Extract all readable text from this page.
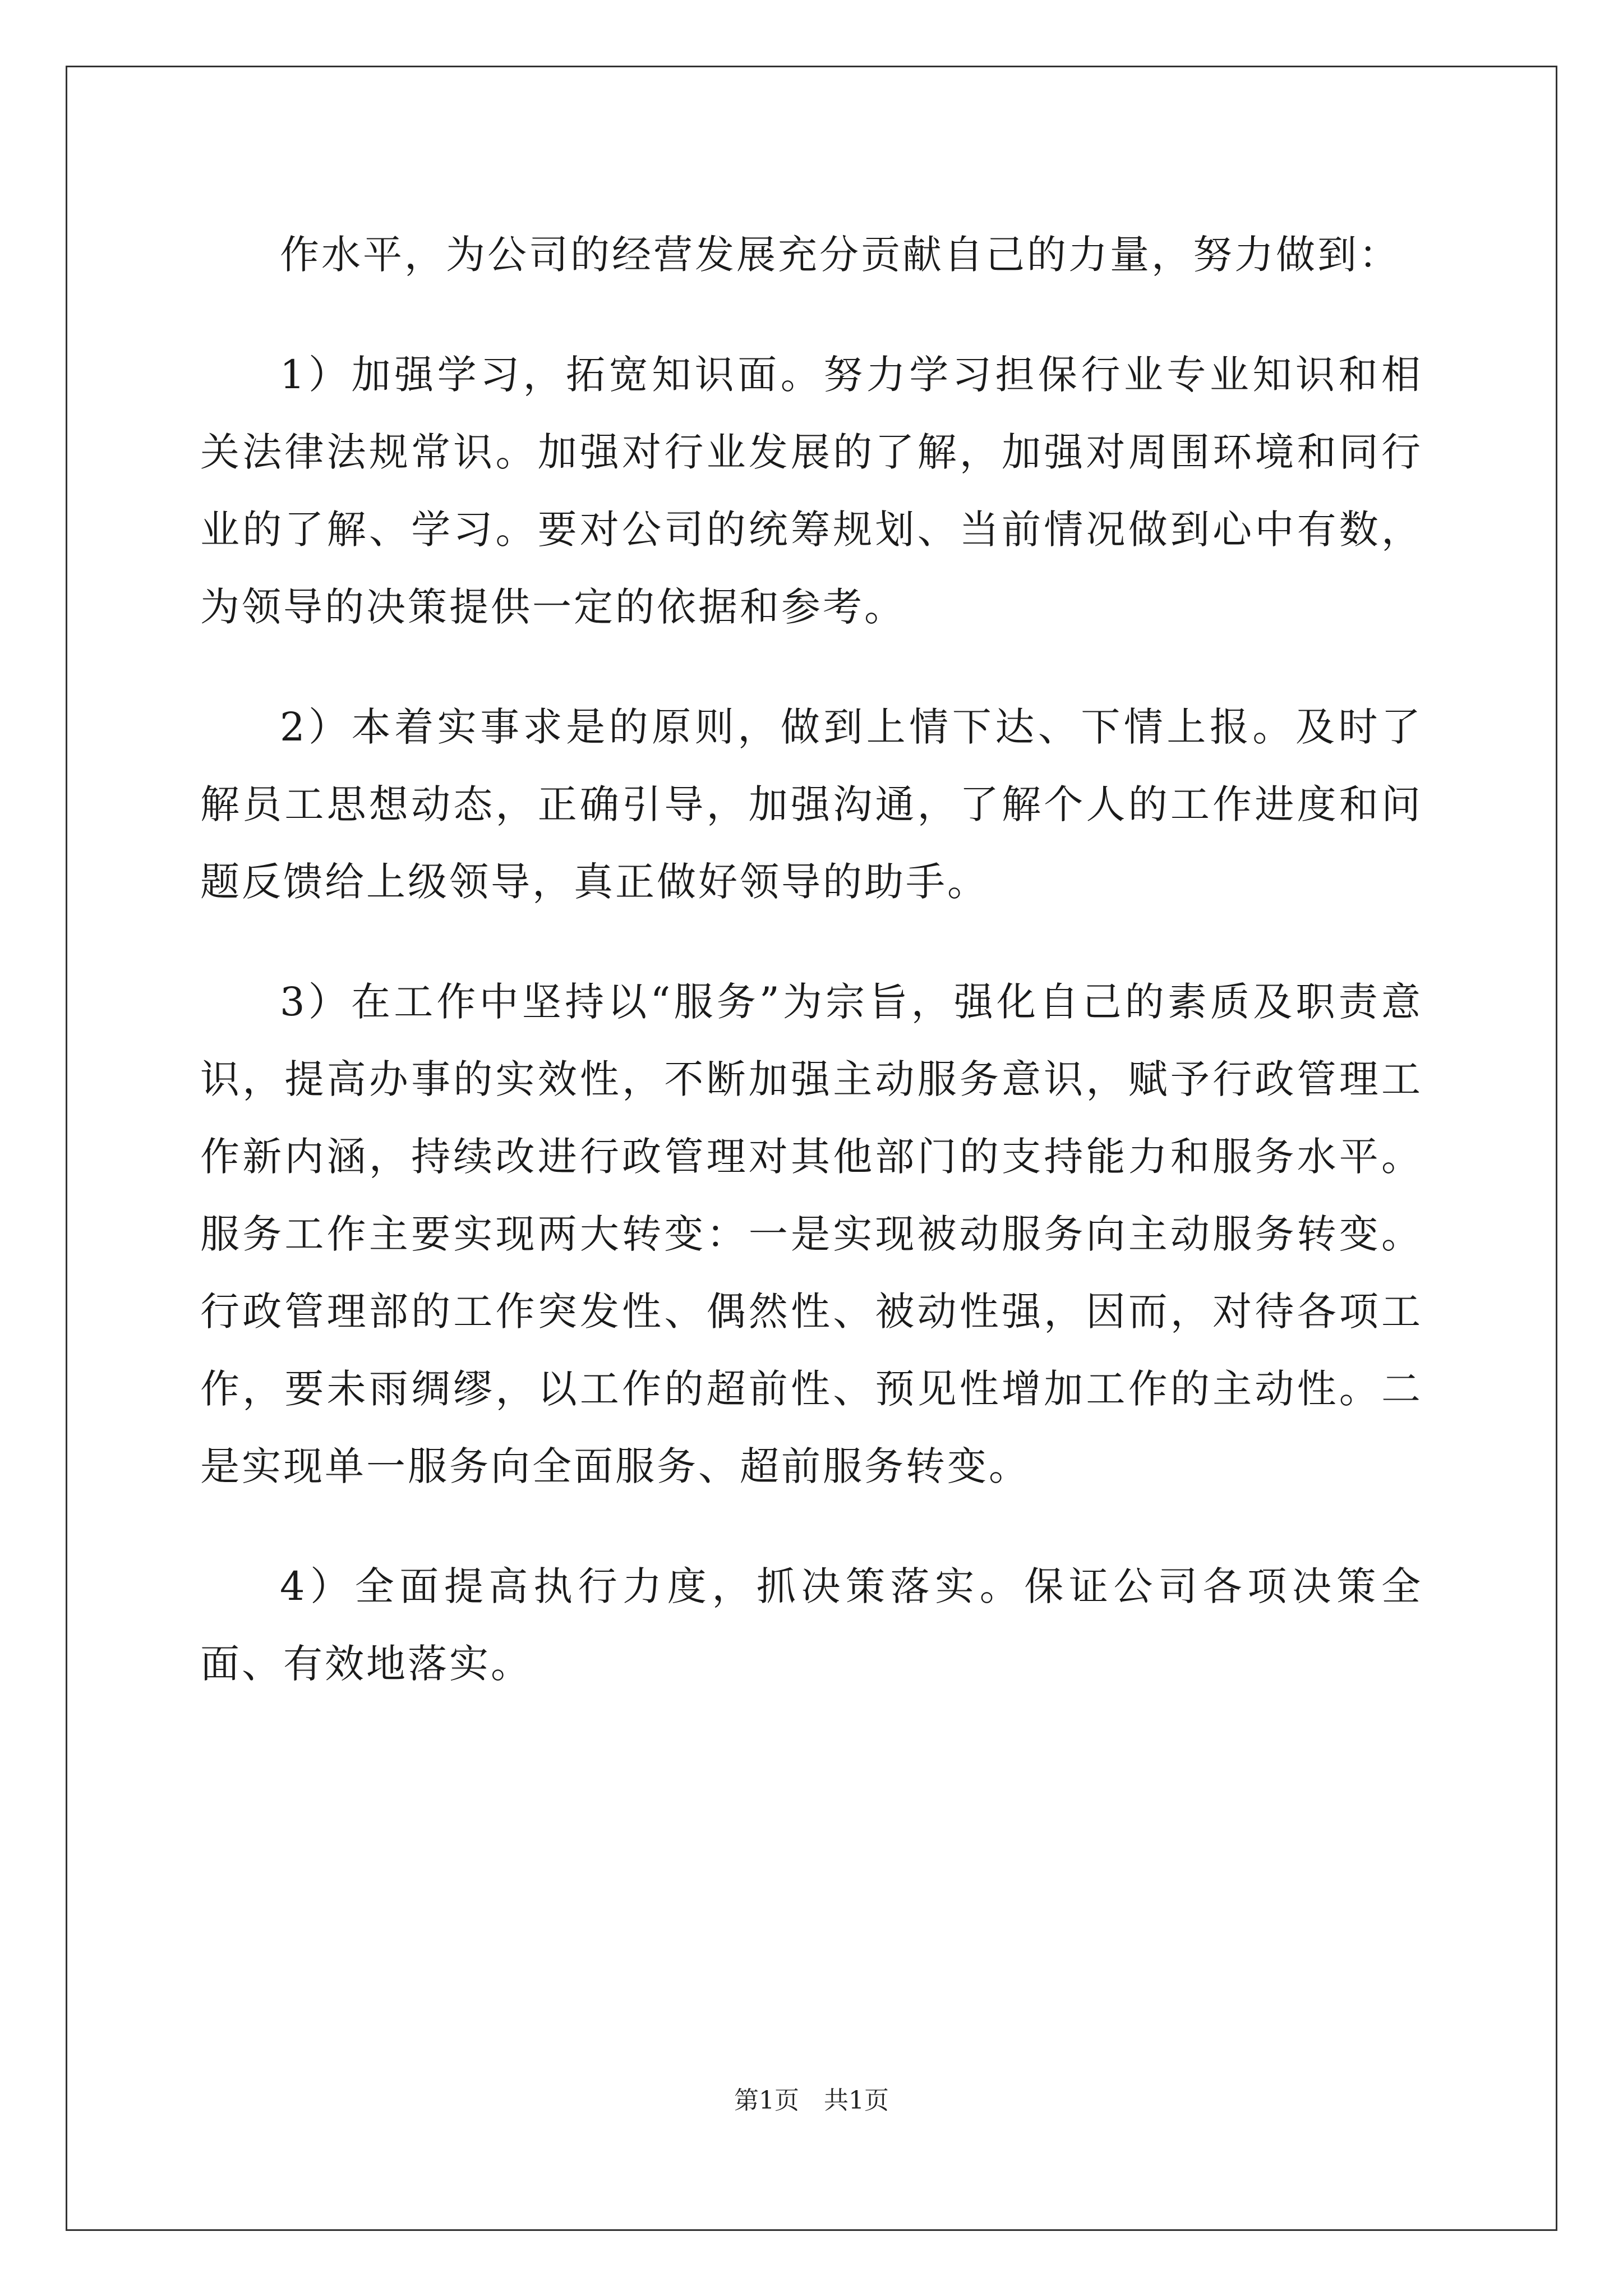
作水平，为公司的经营发展充分贡献自己的力量，努力做到：

1）加强学习，拓宽知识面。努力学习担保行业专业知识和相关法律法规常识。加强对行业发展的了解，加强对周围环境和同行业的了解、学习。要对公司的统筹规划、当前情况做到心中有数，为领导的决策提供一定的依据和参考。

2）本着实事求是的原则，做到上情下达、下情上报。及时了解员工思想动态，正确引导，加强沟通，了解个人的工作进度和问题反馈给上级领导，真正做好领导的助手。

3）在工作中坚持以“服务”为宗旨，强化自己的素质及职责意识，提高办事的实效性，不断加强主动服务意识，赋予行政管理工作新内涵，持续改进行政管理对其他部门的支持能力和服务水平。服务工作主要实现两大转变：一是实现被动服务向主动服务转变。行政管理部的工作突发性、偶然性、被动性强，因而，对待各项工作，要未雨绸缪，以工作的超前性、预见性增加工作的主动性。二是实现单一服务向全面服务、超前服务转变。

4）全面提高执行力度，抓决策落实。保证公司各项决策全面、有效地落实。

第1页　共1页
